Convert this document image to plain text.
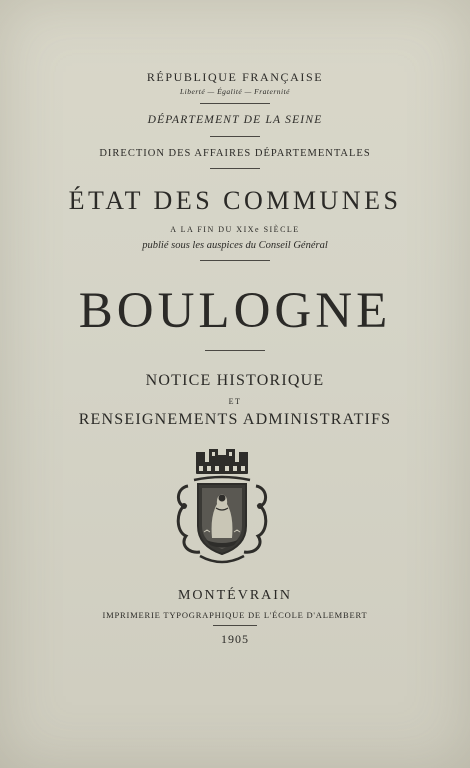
RÉPUBLIQUE FRANÇAISE
Liberté — Égalité — Fraternité
DÉPARTEMENT DE LA SEINE
DIRECTION DES AFFAIRES DÉPARTEMENTALES
ÉTAT DES COMMUNES
A LA FIN DU XIXe SIÈCLE
publié sous les auspices du Conseil Général
BOULOGNE
NOTICE HISTORIQUE
ET
RENSEIGNEMENTS ADMINISTRATIFS
MONTÉVRAIN
IMPRIMERIE TYPOGRAPHIQUE DE L'ÉCOLE D'ALEMBERT
1905
